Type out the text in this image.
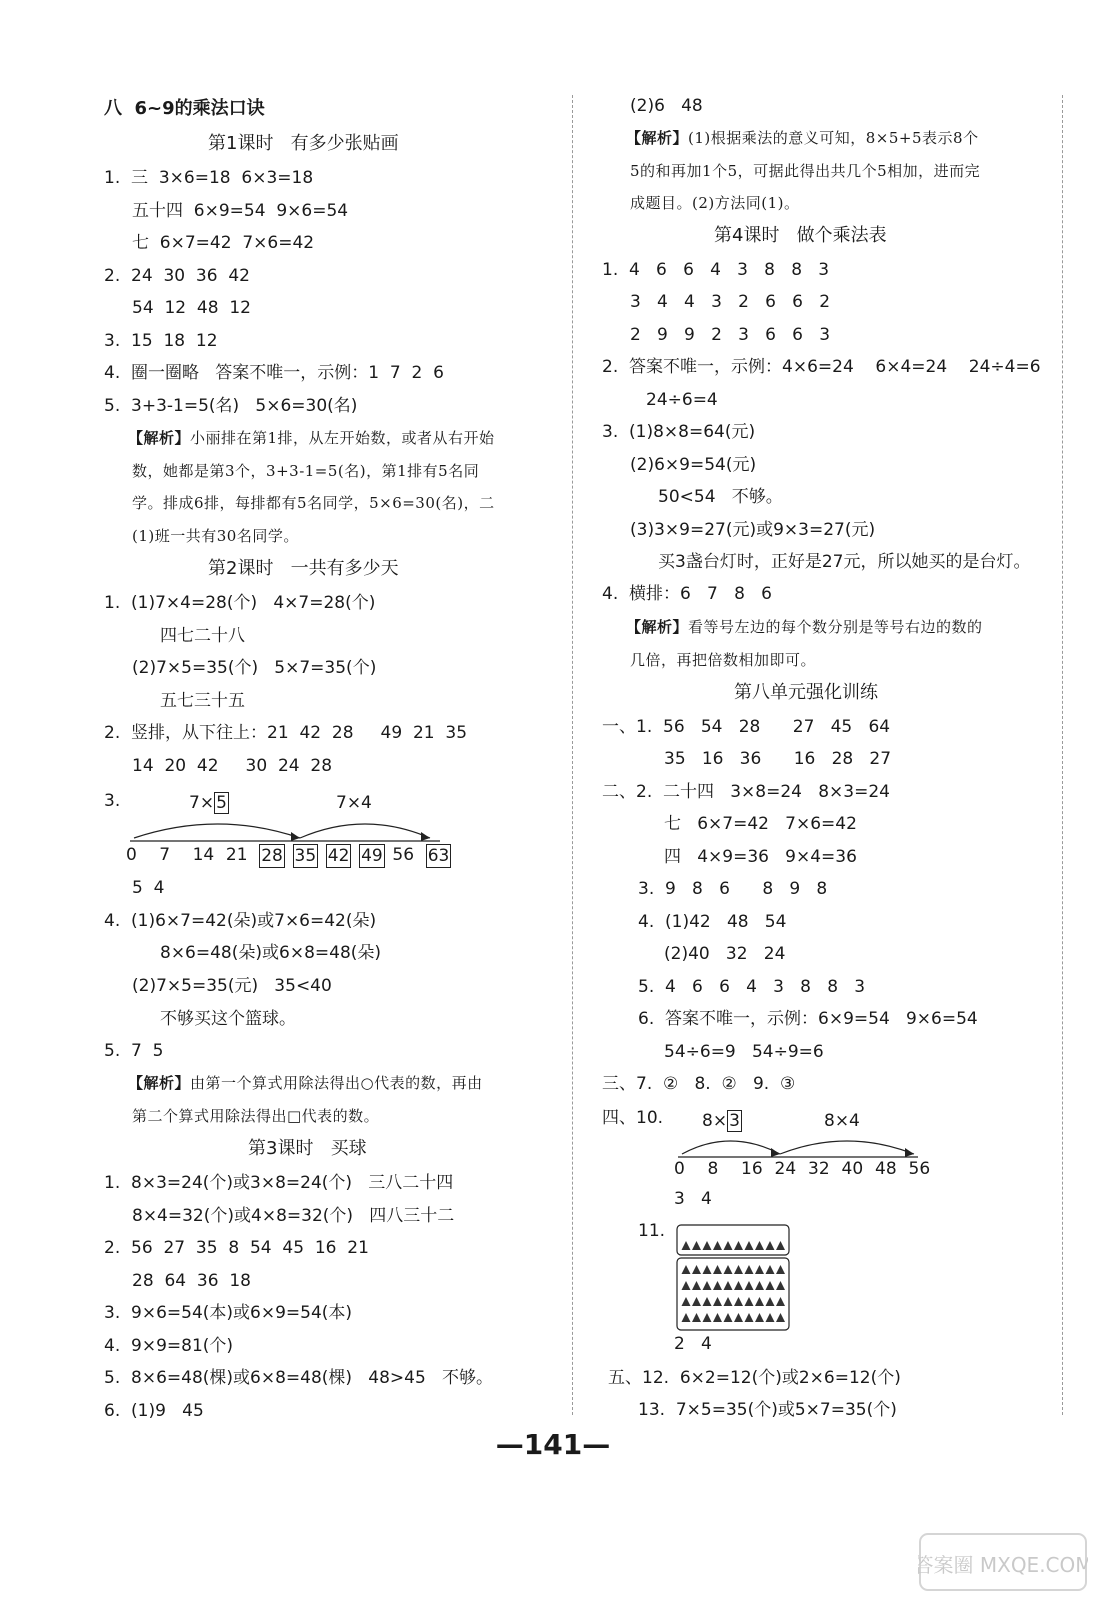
八  6~9的乘法口诀
第1课时   有多少张贴画
1.  三  3×6=18  6×3=18
五十四  6×9=54  9×6=54
七  6×7=42  7×6=42
2.  24  30  36  42
54  12  48  12
3.  15  18  12
4.  圈一圈略   答案不唯一，示例：1  7  2  6
5.  3+3-1=5(名)   5×6=30(名)
【解析】小丽排在第1排，从左开始数，或者从右开始
数，她都是第3个，3+3-1=5(名)，第1排有5名同
学。排成6排，每排都有5名同学，5×6=30(名)，二
(1)班一共有30名同学。
第2课时   一共有多少天
1.  (1)7×4=28(个)   4×7=28(个)
四七二十八
(2)7×5=35(个)   5×7=35(个)
五七三十五
2.  竖排，从下往上：21  42  28     49  21  35
14  20  42     30  24  28
3.	7× 5	7×4
0 7 14 21 28 35 42 49 56 63
5  4
4.  (1)6×7=42(朵)或7×6=42(朵)
8×6=48(朵)或6×8=48(朵)
(2)7×5=35(元)   35<40
不够买这个篮球。
5.  7  5
【解析】由第一个算式用除法得出○代表的数，再由
第二个算式用除法得出□代表的数。
第3课时   买球
1.  8×3=24(个)或3×8=24(个)   三八二十四
8×4=32(个)或4×8=32(个)   四八三十二
2.  56  27  35  8  54  45  16  21
28  64  36  18
3.  9×6=54(本)或6×9=54(本)
4.  9×9=81(个)
5.  8×6=48(棵)或6×8=48(棵)   48>45   不够。
6.  (1)9   45
(2)6   48
【解析】(1)根据乘法的意义可知，8×5+5表示8个
5的和再加1个5，可据此得出共几个5相加，进而完
成题目。(2)方法同(1)。
第4课时   做个乘法表
1.  4   6   6   4   3   8   8   3
3   4   4   3   2   6   6   2
2   9   9   2   3   6   6   3
2.  答案不唯一，示例：4×6=24    6×4=24    24÷4=6
24÷6=4
3.  (1)8×8=64(元)
(2)6×9=54(元)
50<54   不够。
(3)3×9=27(元)或9×3=27(元)
买3盏台灯时，正好是27元，所以她买的是台灯。
4.  横排：6   7   8   6
【解析】看等号左边的每个数分别是等号右边的数的
几倍，再把倍数相加即可。
第八单元强化训练
一、1.  56   54   28      27   45   64
35   16   36      16   28   27
二、2.  二十四   3×8=24   8×3=24
七   6×7=42   7×6=42
四   4×9=36   9×4=36
3.  9   8   6      8   9   8
4.  (1)42   48   54
(2)40   32   24
5.  4   6   6   4   3   8   8   3
6.  答案不唯一，示例：6×9=54   9×6=54
54÷6=9   54÷9=6
三、7.  ②   8.  ②   9.  ③
四、10. 8× 3	8×4
0 8 16 24 32 40 48 56
3   4
11.
2   4
五、12.  6×2=12(个)或2×6=12(个)
13.  7×5=35(个)或5×7=35(个)
—141—
答案圈 MXQE.COM
